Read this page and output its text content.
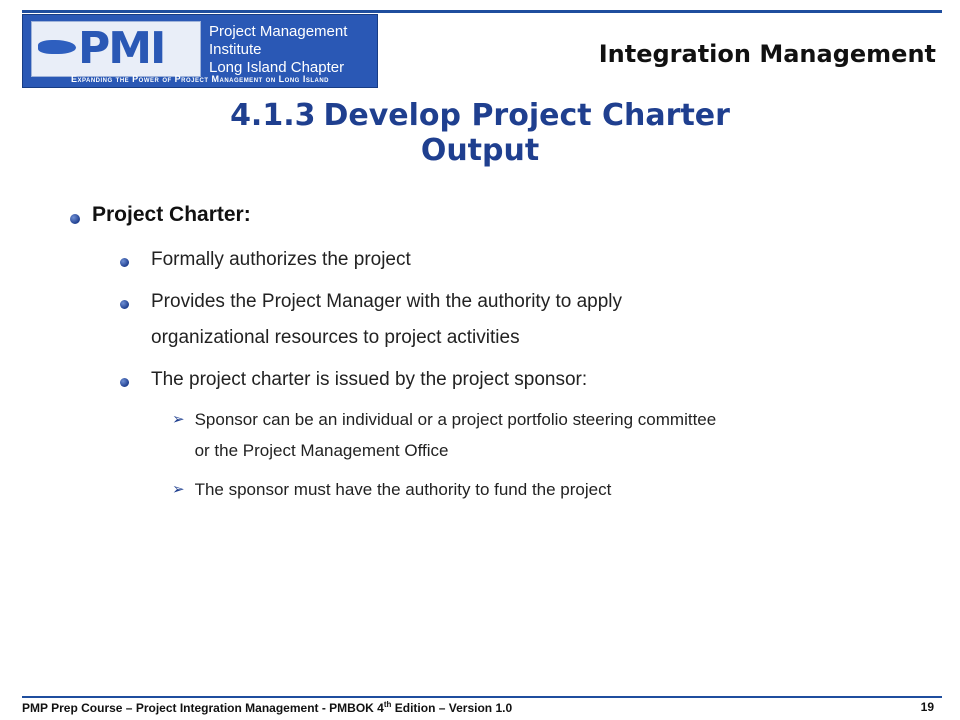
PMI	Project Management Institute
Long Island Chapter
Expanding the Power of Project Management on Long Island
Integration Management
4.1.3 Develop Project Charter
Output
Project Charter:
Formally authorizes the project
Provides the Project Manager with the authority to apply
organizational resources to project activities
The project charter is issued by the project sponsor:
➢ Sponsor can be an individual or a project portfolio steering committee
or the Project Management Office
➢ The sponsor must have the authority to fund the project
PMP Prep Course – Project Integration Management - PMBOK 4th Edition – Version 1.0	19
